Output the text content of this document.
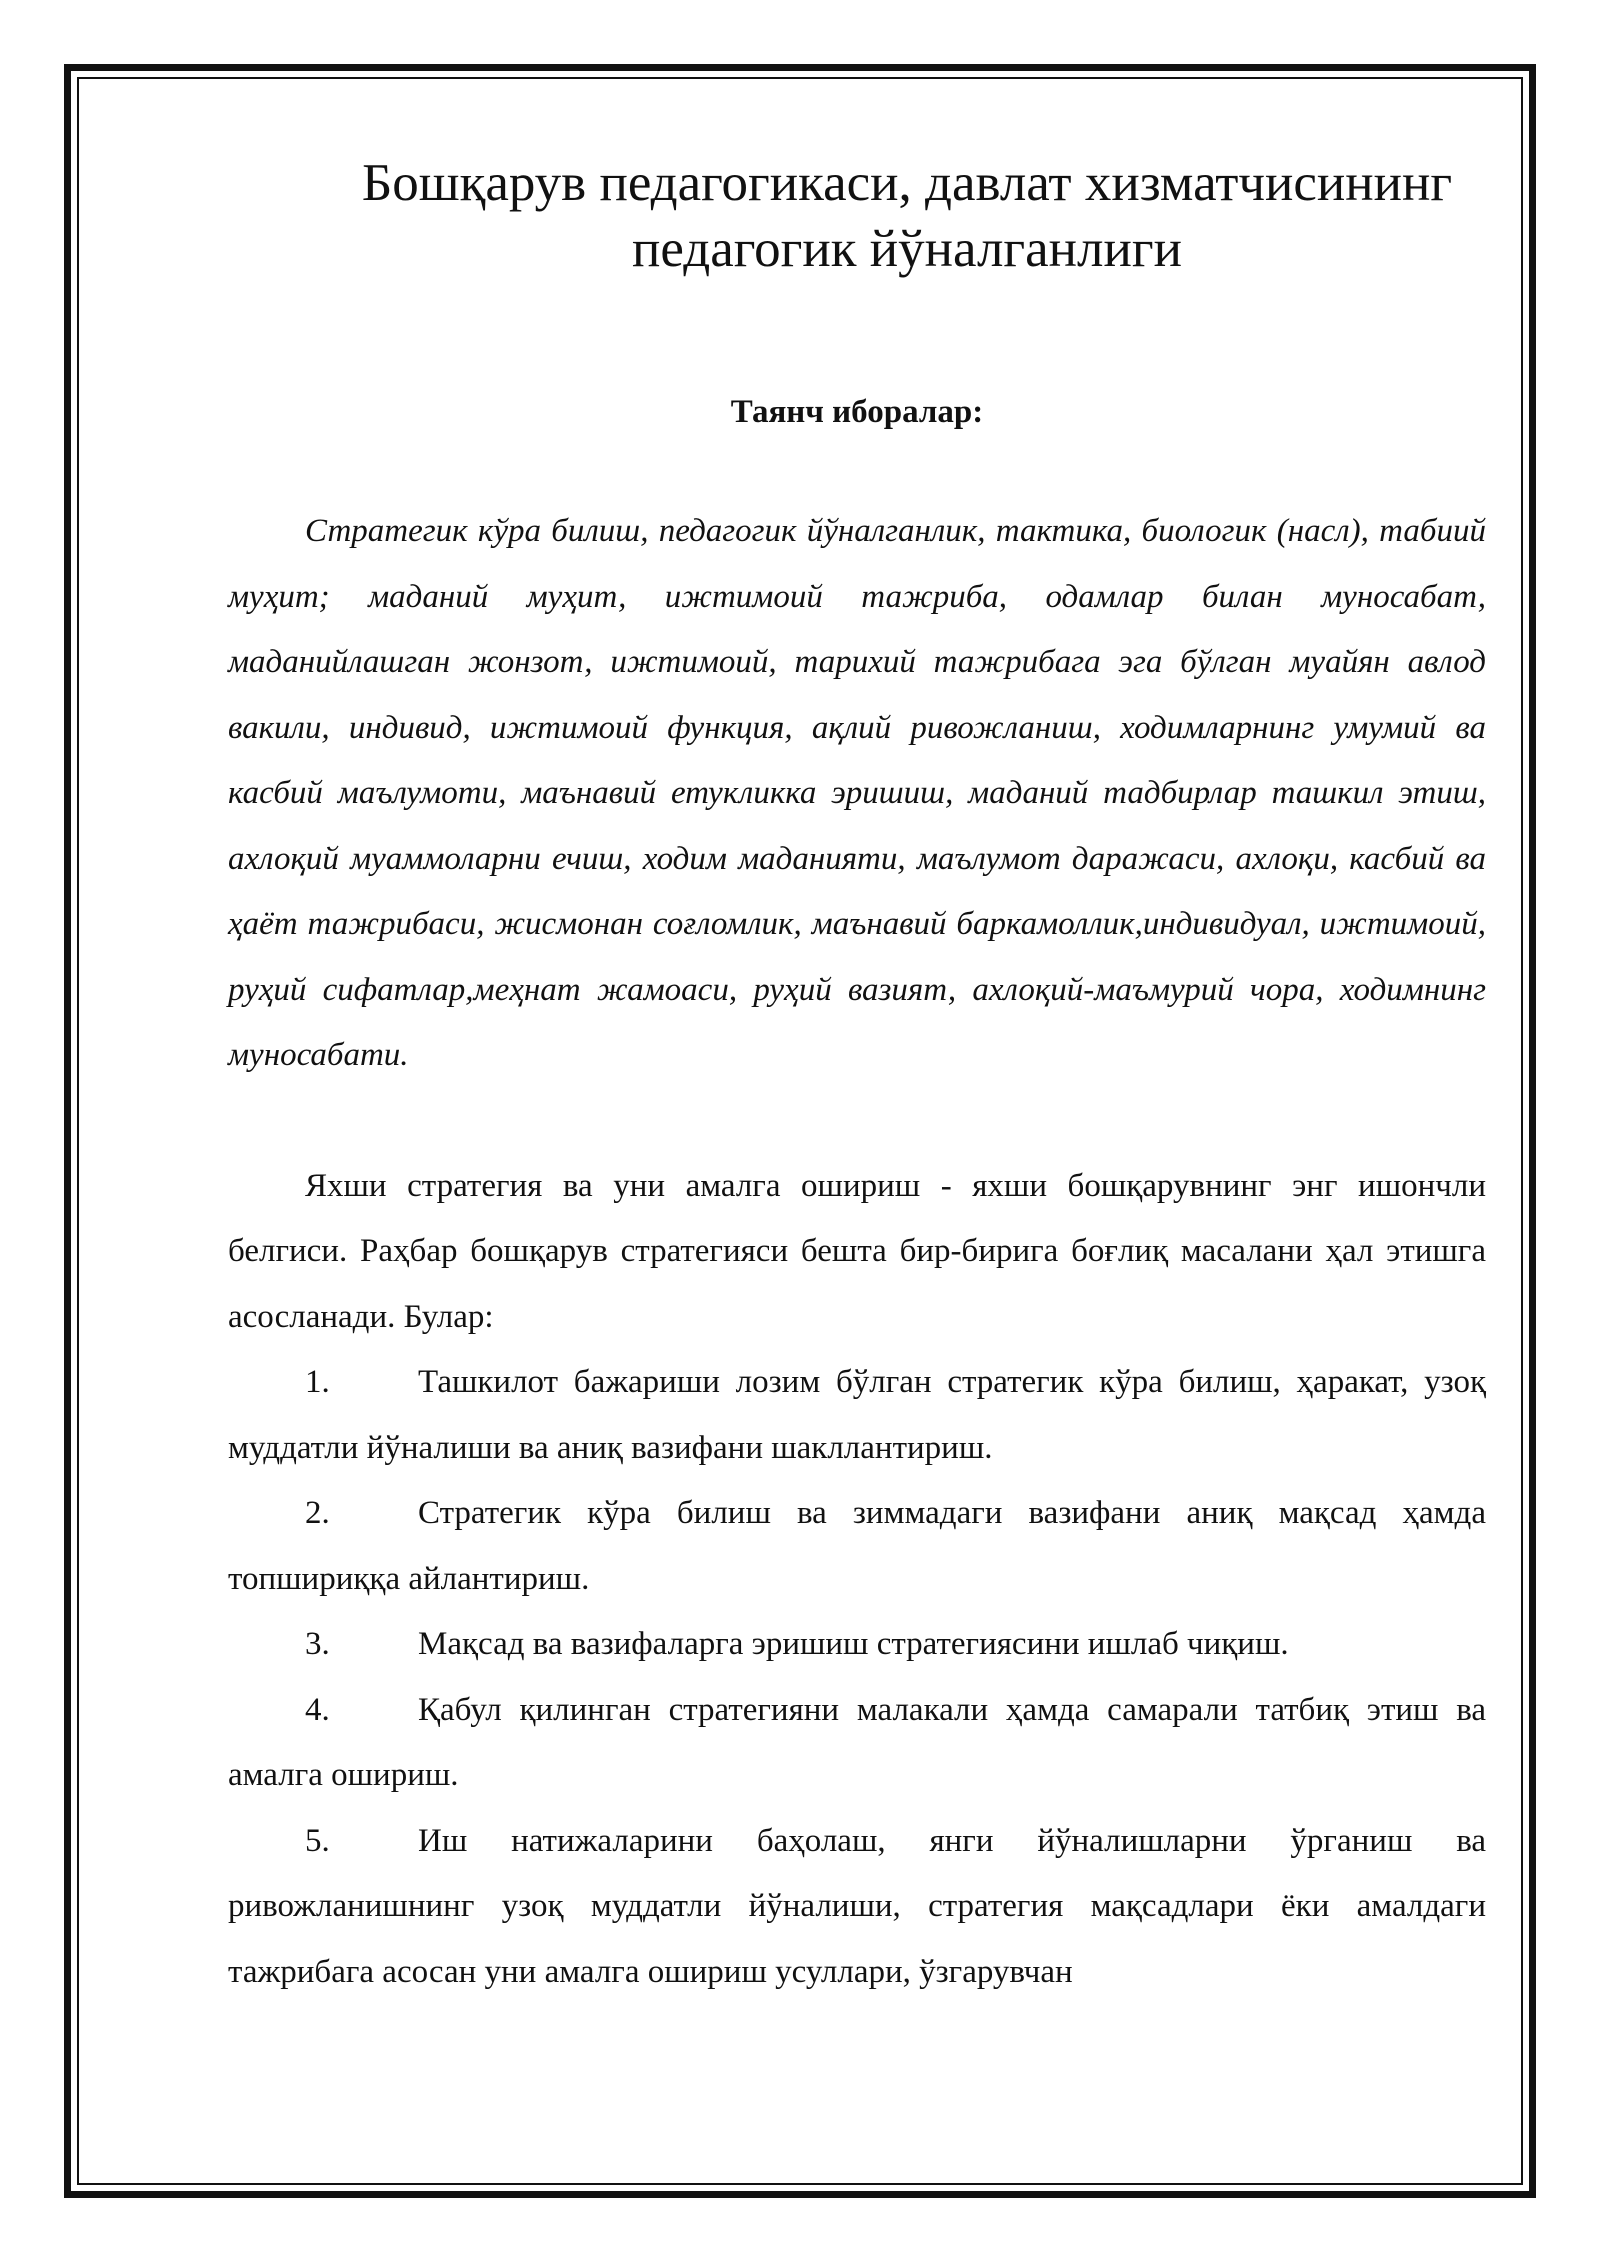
Бошқарув педагогикаси, давлат хизматчисининг
педагогик йўналганлиги
Таянч иборалар:

Стратегик кўра билиш, педагогик йўналганлик, тактика, биологик (насл), табиий муҳит; маданий муҳит, ижтимоий тажриба, одамлар билан муносабат, маданийлашган жонзот, ижтимоий, тарихий тажрибага эга бўлган муайян авлод вакили, индивид, ижтимоий функция, ақлий ривожланиш, ходимларнинг умумий ва касбий маълумоти, маънавий етукликка эришиш, маданий тадбирлар ташкил этиш, ахлоқий муаммоларни ечиш, ходим маданияти, маълумот даражаси, ахлоқи, касбий ва ҳаёт тажрибаси, жисмонан соғломлик, маънавий баркамоллик,индивидуал, ижтимоий, руҳий сифатлар,меҳнат жамоаси, руҳий вазият, ахлоқий-маъмурий чора, ходимнинг муносабати.

Яхши стратегия ва уни амалга ошириш - яхши бошқарувнинг энг ишончли белгиси. Раҳбар бошқарув стратегияси бешта бир-бирига боғлиқ масалани ҳал этишга асосланади. Булар:

1.	Ташкилот бажариши лозим бўлган стратегик кўра билиш, ҳаракат, узоқ муддатли йўналиши ва аниқ вазифани шакллантириш.

2.	Стратегик кўра билиш ва зиммадаги вазифани аниқ мақсад ҳамда топшириққа айлантириш.

3.	Мақсад ва вазифаларга эришиш стратегиясини ишлаб чиқиш.

4.	Қабул қилинган стратегияни малакали ҳамда самарали татбиқ этиш ва амалга ошириш.

5.	Иш натижаларини баҳолаш, янги йўналишларни ўрганиш ва ривожланишнинг узоқ муддатли йўналиши, стратегия мақсадлари ёки амалдаги тажрибага асосан уни амалга ошириш усуллари, ўзгарувчан
